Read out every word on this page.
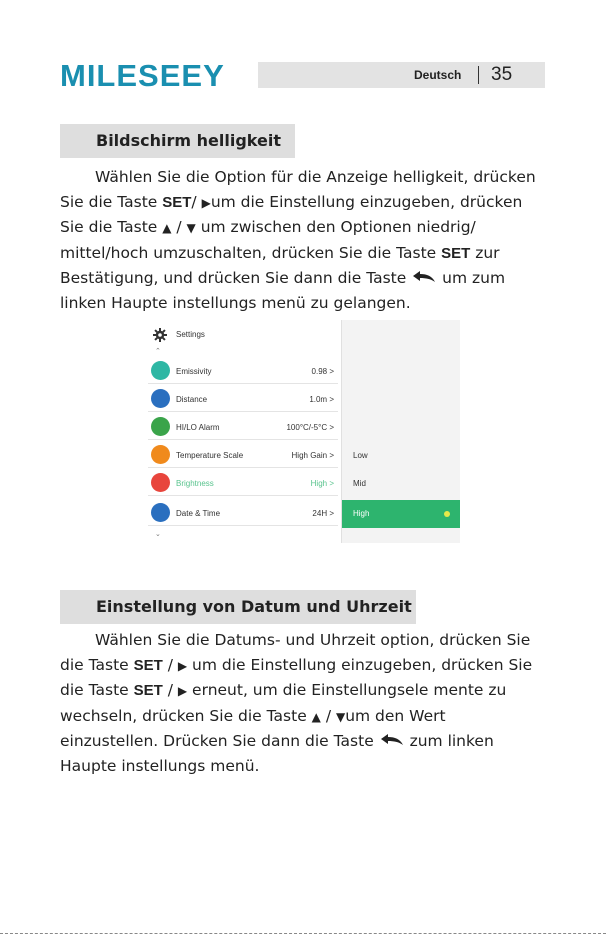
MILESEEY	Deutsch 35
Bildschirm helligkeit
Wählen Sie die Option für die Anzeige helligkeit, drücken
Sie die Taste SET/ ▶um die Einstellung einzugeben, drücken
Sie die Taste ▲ / ▼ um zwischen den Optionen niedrig/
mittel/hoch umzuschalten, drücken Sie die Taste SET zur
Bestätigung, und drücken Sie dann die Taste  um zum
linken Haupte instellungs menü zu gelangen.
Settings
⌃
Emissivity	0.98 >
Distance	1.0m >
HI/LO Alarm	100°C/-5°C >
Temperature Scale	High Gain >
Brightness	High >
Date & Time	24H >
⌄
Low
Mid
High
Einstellung von Datum und Uhrzeit
Wählen Sie die Datums- und Uhrzeit option, drücken Sie
die Taste SET / ▶ um die Einstellung einzugeben, drücken Sie
die Taste SET / ▶ erneut, um die Einstellungsele mente zu
wechseln, drücken Sie die Taste ▲ / ▼um den Wert
einzustellen. Drücken Sie dann die Taste  zum linken
Haupte instellungs menü.
